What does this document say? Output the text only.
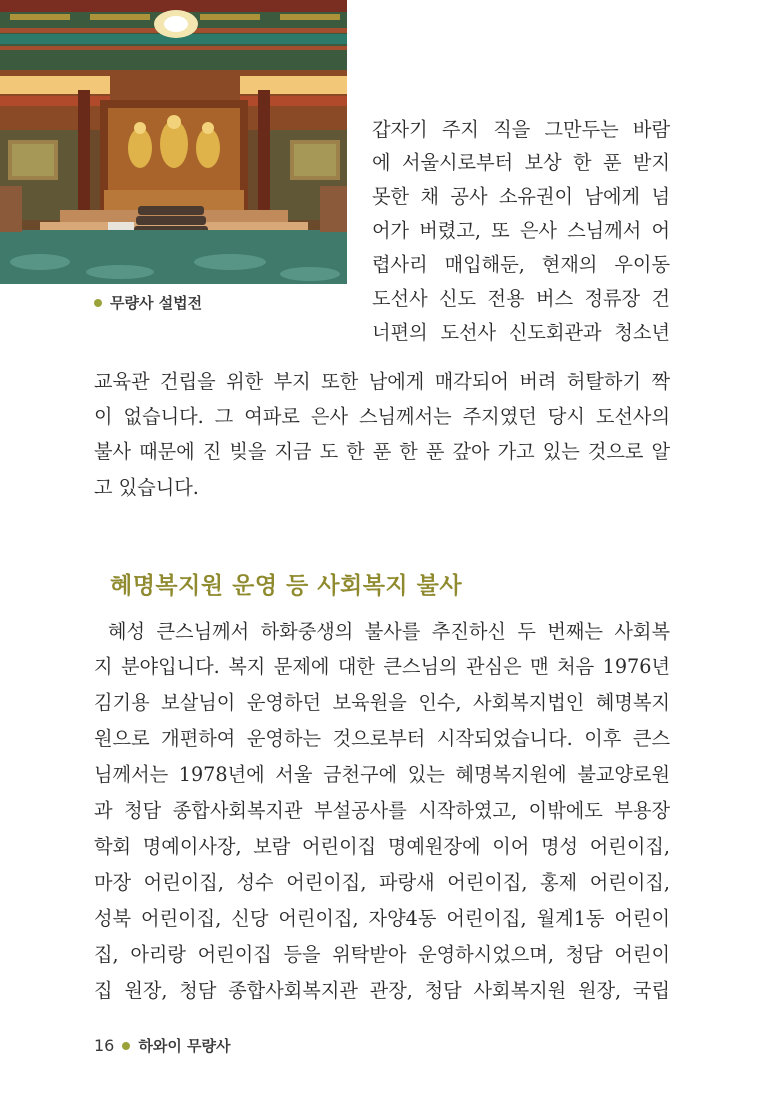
무량사 설법전
갑자기 주지 직을 그만두는 바람
에 서울시로부터 보상 한 푼 받지
못한 채 공사 소유권이 남에게 넘
어가 버렸고, 또 은사 스님께서 어
렵사리 매입해둔, 현재의 우이동
도선사 신도 전용 버스 정류장 건
너편의 도선사 신도회관과 청소년
교육관 건립을 위한 부지 또한 남에게 매각되어 버려 허탈하기 짝
이 없습니다. 그 여파로 은사 스님께서는 주지였던 당시 도선사의
불사 때문에 진 빚을 지금 도 한 푼 한 푼 갚아 가고 있는 것으로 알
고 있습니다.
혜명복지원 운영 등 사회복지 불사
혜성 큰스님께서 하화중생의 불사를 추진하신 두 번째는 사회복
지 분야입니다. 복지 문제에 대한 큰스님의 관심은 맨 처음 1976년
김기용 보살님이 운영하던 보육원을 인수, 사회복지법인 혜명복지
원으로 개편하여 운영하는 것으로부터 시작되었습니다. 이후 큰스
님께서는 1978년에 서울 금천구에 있는 혜명복지원에 불교양로원
과 청담 종합사회복지관 부설공사를 시작하였고, 이밖에도 부용장
학회 명예이사장, 보람 어린이집 명예원장에 이어 명성 어린이집,
마장 어린이집, 성수 어린이집, 파랑새 어린이집, 홍제 어린이집,
성북 어린이집, 신당 어린이집, 자양4동 어린이집, 월계1동 어린이
집, 아리랑 어린이집 등을 위탁받아 운영하시었으며, 청담 어린이
집 원장, 청담 종합사회복지관 관장, 청담 사회복지원 원장, 국립
16 하와이 무량사
